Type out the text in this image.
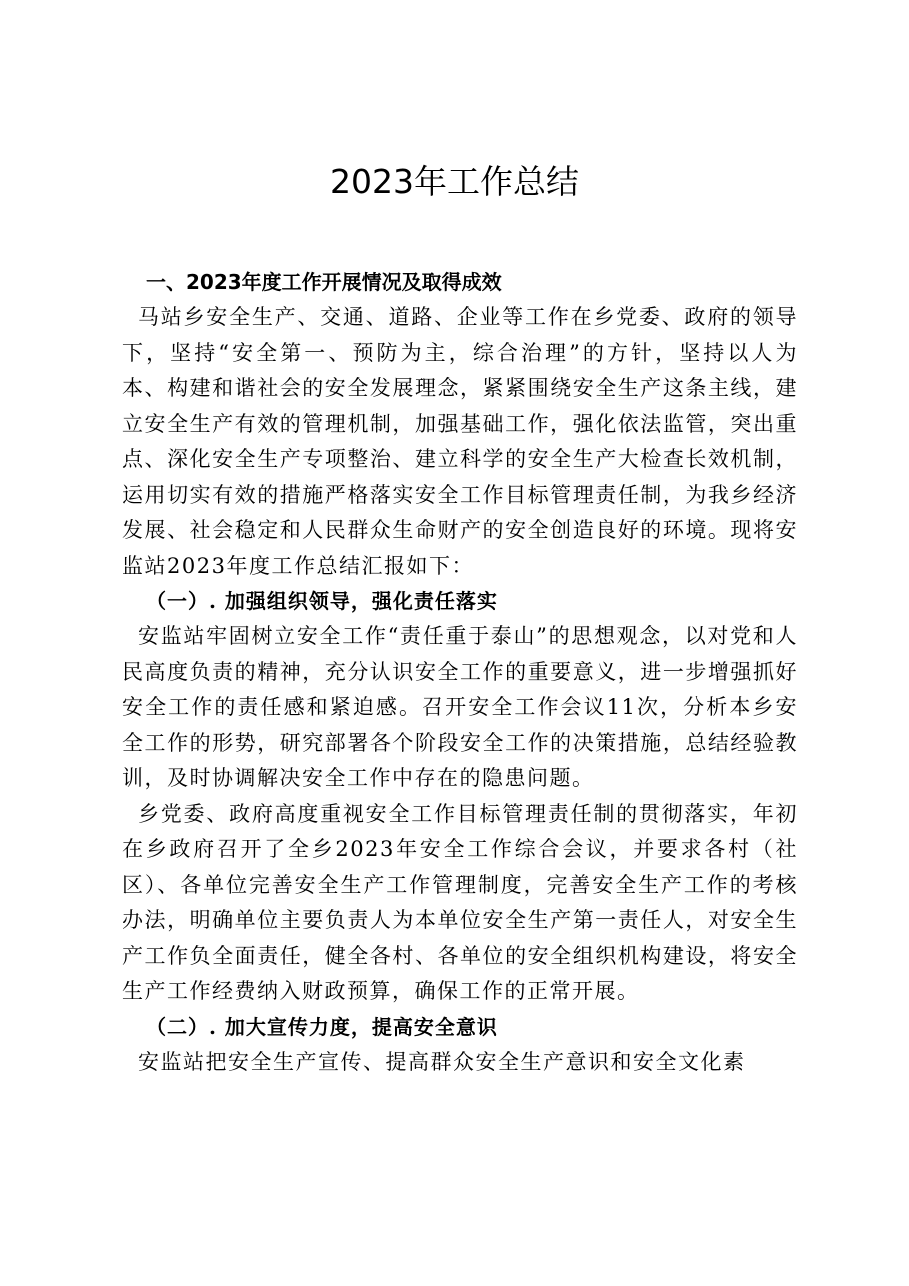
2023年工作总结
一、2023年度工作开展情况及取得成效

马站乡安全生产、交通、道路、企业等工作在乡党委、政府的领导下，坚持“安全第一、预防为主，综合治理”的方针，坚持以人为本、构建和谐社会的安全发展理念，紧紧围绕安全生产这条主线，建立安全生产有效的管理机制，加强基础工作，强化依法监管，突出重点、深化安全生产专项整治、建立科学的安全生产大检查长效机制，运用切实有效的措施严格落实安全工作目标管理责任制，为我乡经济发展、社会稳定和人民群众生命财产的安全创造良好的环境。现将安监站2023年度工作总结汇报如下：

（一）. 加强组织领导，强化责任落实

安监站牢固树立安全工作“责任重于泰山”的思想观念，以对党和人民高度负责的精神，充分认识安全工作的重要意义，进一步增强抓好安全工作的责任感和紧迫感。召开安全工作会议11次，分析本乡安全工作的形势，研究部署各个阶段安全工作的决策措施，总结经验教训，及时协调解决安全工作中存在的隐患问题。

乡党委、政府高度重视安全工作目标管理责任制的贯彻落实，年初在乡政府召开了全乡2023年安全工作综合会议，并要求各村（社区）、各单位完善安全生产工作管理制度，完善安全生产工作的考核办法，明确单位主要负责人为本单位安全生产第一责任人，对安全生产工作负全面责任，健全各村、各单位的安全组织机构建设，将安全生产工作经费纳入财政预算，确保工作的正常开展。

（二）. 加大宣传力度，提高安全意识

安监站把安全生产宣传、提高群众安全生产意识和安全文化素
